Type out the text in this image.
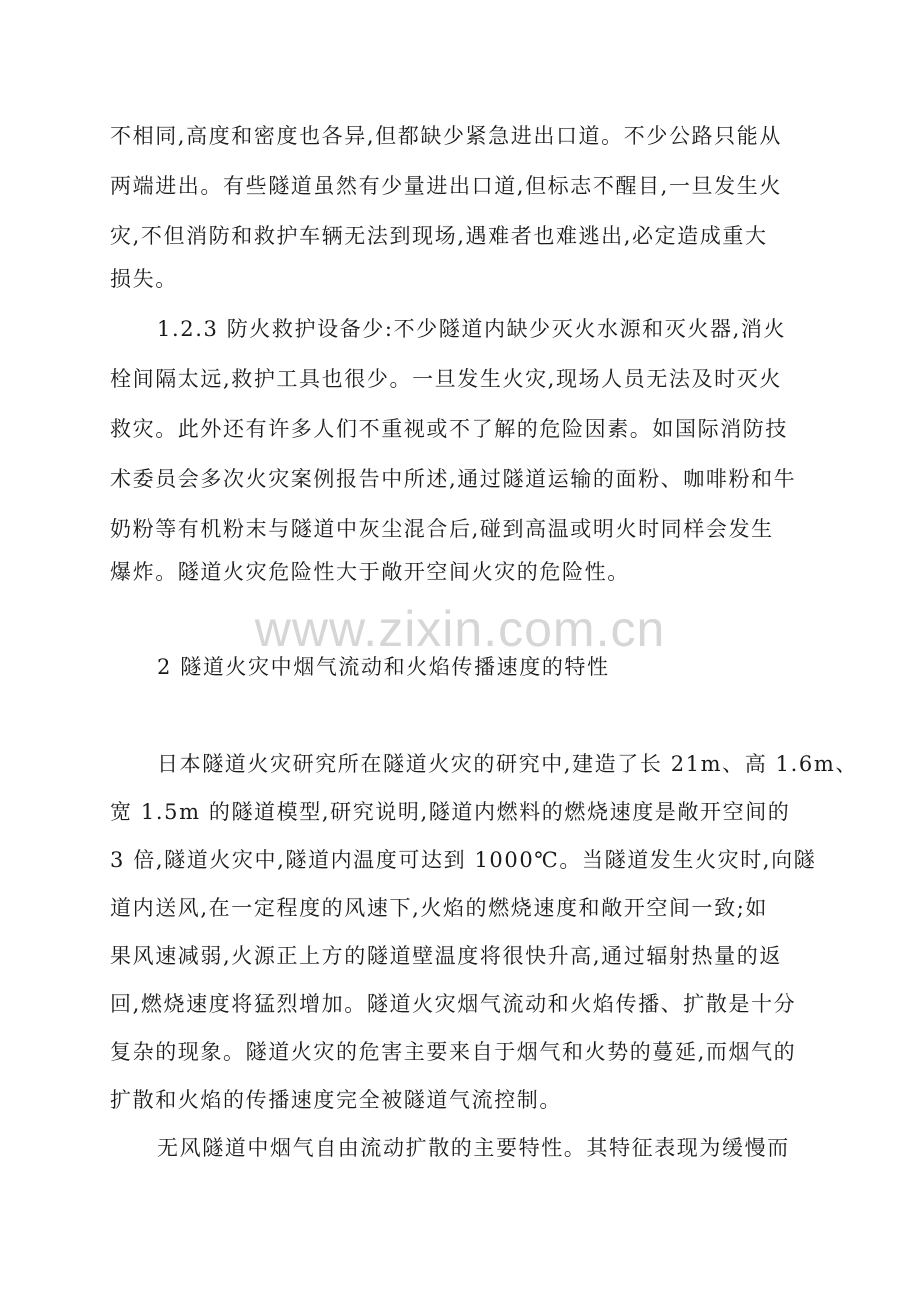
www.zixin.com.cn
不相同,高度和密度也各异,但都缺少紧急进出口道。不少公路只能从
两端进出。有些隧道虽然有少量进出口道,但标志不醒目,一旦发生火
灾,不但消防和救护车辆无法到现场,遇难者也难逃出,必定造成重大
损失。
1.2.3 防火救护设备少:不少隧道内缺少灭火水源和灭火器,消火
栓间隔太远,救护工具也很少。一旦发生火灾,现场人员无法及时灭火
救灾。此外还有许多人们不重视或不了解的危险因素。如国际消防技
术委员会多次火灾案例报告中所述,通过隧道运输的面粉、咖啡粉和牛
奶粉等有机粉末与隧道中灰尘混合后,碰到高温或明火时同样会发生
爆炸。隧道火灾危险性大于敞开空间火灾的危险性。
2 隧道火灾中烟气流动和火焰传播速度的特性
日本隧道火灾研究所在隧道火灾的研究中,建造了长 21m、高 1.6m、
宽 1.5m 的隧道模型,研究说明,隧道内燃料的燃烧速度是敞开空间的
3 倍,隧道火灾中,隧道内温度可达到 1000℃。当隧道发生火灾时,向隧
道内送风,在一定程度的风速下,火焰的燃烧速度和敞开空间一致;如
果风速减弱,火源正上方的隧道壁温度将很快升高,通过辐射热量的返
回,燃烧速度将猛烈增加。隧道火灾烟气流动和火焰传播、扩散是十分
复杂的现象。隧道火灾的危害主要来自于烟气和火势的蔓延,而烟气的
扩散和火焰的传播速度完全被隧道气流控制。
无风隧道中烟气自由流动扩散的主要特性。其特征表现为缓慢而
